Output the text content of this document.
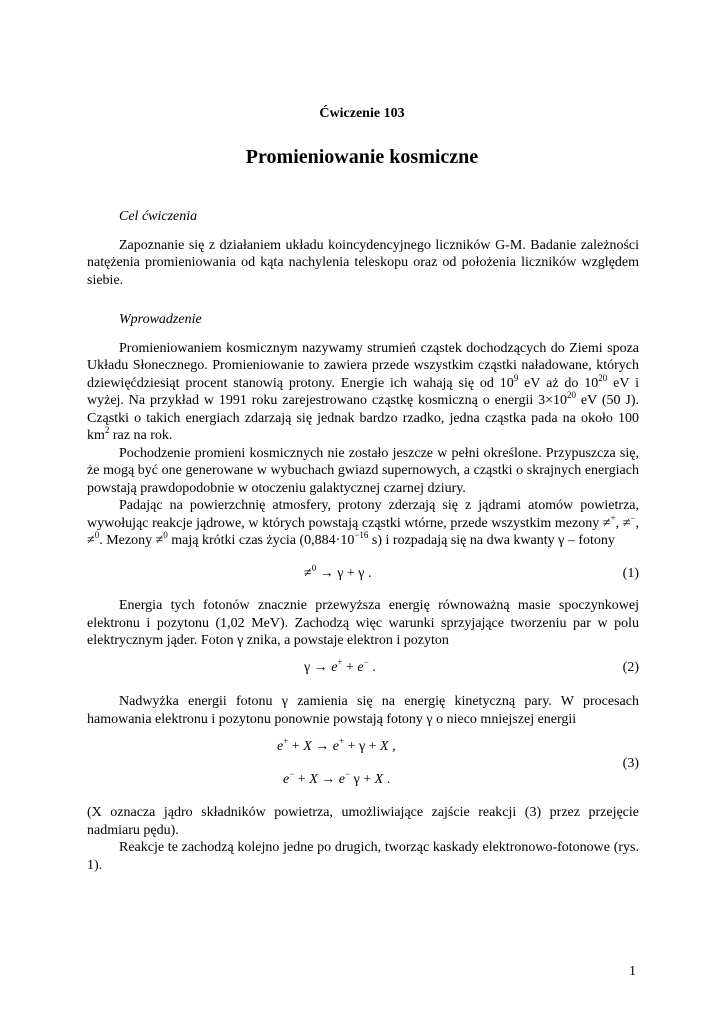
Ćwiczenie 103
Promieniowanie kosmiczne

Cel ćwiczenia

Zapoznanie się z działaniem układu koincydencyjnego liczników G-M. Badanie zależności natężenia promieniowania od kąta nachylenia teleskopu oraz od położenia liczników względem siebie.

Wprowadzenie

Promieniowaniem kosmicznym nazywamy strumień cząstek dochodzących do Ziemi spoza Układu Słonecznego. Promieniowanie to zawiera przede wszystkim cząstki naładowane, których dziewięćdziesiąt procent stanowią protony. Energie ich wahają się od $10^9$ eV aż do $10^{20}$ eV i wyżej. Na przykład w 1991 roku zarejestrowano cząstkę kosmiczną o energii $3\times 10^{20}$ eV (50 J). Cząstki o takich energiach zdarzają się jednak bardzo rzadko, jedna cząstka pada na około 100 $km^2$ raz na rok.

Pochodzenie promieni kosmicznych nie zostało jeszcze w pełni określone. Przypuszcza się, że mogą być one generowane w wybuchach gwiazd supernowych, a cząstki o skrajnych energiach powstają prawdopodobnie w otoczeniu galaktycznej czarnej dziury.

Padając na powierzchnię atmosfery, protony zderzają się z jądrami atomów powietrza, wywołując reakcje jądrowe, w których powstają cząstki wtórne, przede wszystkim mezony ≠+, ≠−, ≠$^0$. Mezony ≠$^0$ mają krótki czas życia ($0,884\cdot 10^{-16}$ s) i rozpadają się na dwa kwanty γ – fotony

≠$^0$ → γ + γ .	(1)

Energia tych fotonów znacznie przewyższa energię równoważną masie spoczynkowej elektronu i pozytonu (1,02 MeV). Zachodzą więc warunki sprzyjające tworzeniu par w polu elektrycznym jąder. Foton γ znika, a powstaje elektron i pozyton

γ → e+ + e− .	(2)

Nadwyżka energii fotonu γ zamienia się na energię kinetyczną pary. W procesach hamowania elektronu i pozytonu ponownie powstają fotony γ o nieco mniejszej energii

e+ + X → e+ + γ + X ,
e− + X → e− γ + X .
(3)

(X oznacza jądro składników powietrza, umożliwiające zajście reakcji (3) przez przejęcie nadmiaru pędu).

Reakcje te zachodzą kolejno jedne po drugich, tworząc kaskady elektronowo-fotonowe (rys. 1).

1
